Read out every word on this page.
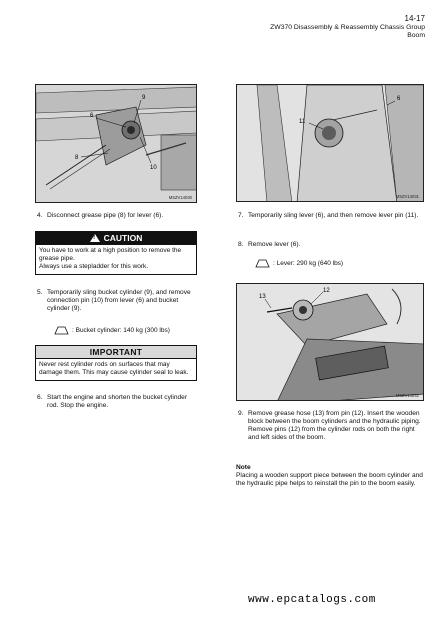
14-17
ZW370 Disassembly & Reassembly Chassis Group
Boom
9
6
8
10
MSZV14030
6
11
MSZV14031
13
12
MSZV14032
4. Disconnect grease pipe (8) for lever (6).
!CAUTION
You have to work at a high position to remove the grease pipe.
Always use a stepladder for this work.
5. Temporarily sling bucket cylinder (9), and remove connection pin (10) from lever (6) and bucket cylinder (9).
: Bucket cylinder: 140 kg (300 lbs)
IMPORTANT
Never rest cylinder rods on surfaces that may damage them. This may cause cylinder seal to leak.
6. Start the engine and shorten the bucket cylinder rod. Stop the engine.
7. Temporarily sling lever (6), and then remove lever pin (11).
8. Remove lever (6).
: Lever: 290 kg (640 lbs)
9. Remove grease hose (13) from pin (12). Insert the wooden block between the boom cylinders and the hydraulic piping. Remove pins (12) from the cylinder rods on both the right and left sides of the boom.
Note
Placing a wooden support piece between the boom cylinder and the hydraulic pipe helps to reinstall the pin to the boom easily.
www.epcatalogs.com
